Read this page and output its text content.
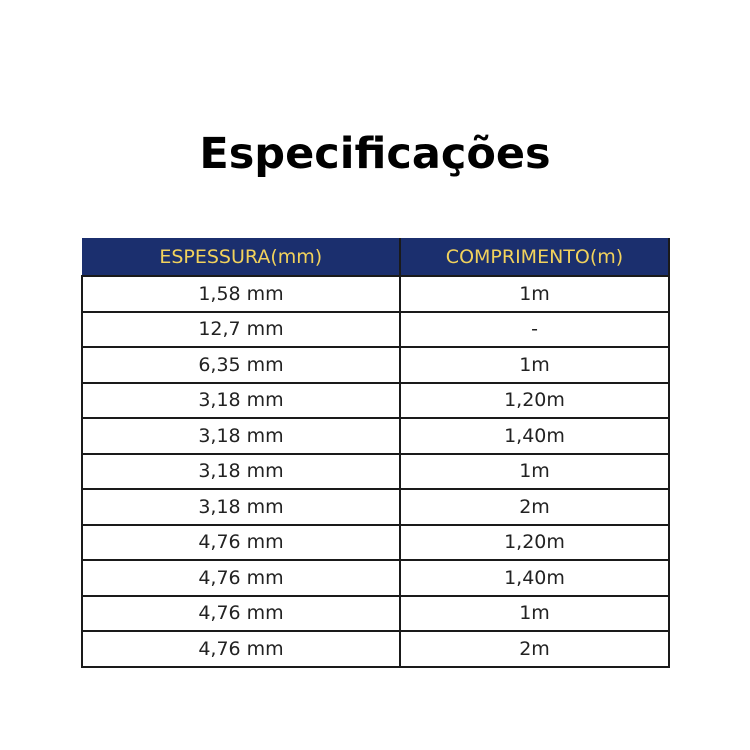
Especificações
ESPESSURA(mm)	COMPRIMENTO(m)
1,58 mm	1m
12,7 mm	-
6,35 mm	1m
3,18 mm	1,20m
3,18 mm	1,40m
3,18 mm	1m
3,18 mm	2m
4,76 mm	1,20m
4,76 mm	1,40m
4,76 mm	1m
4,76 mm	2m
